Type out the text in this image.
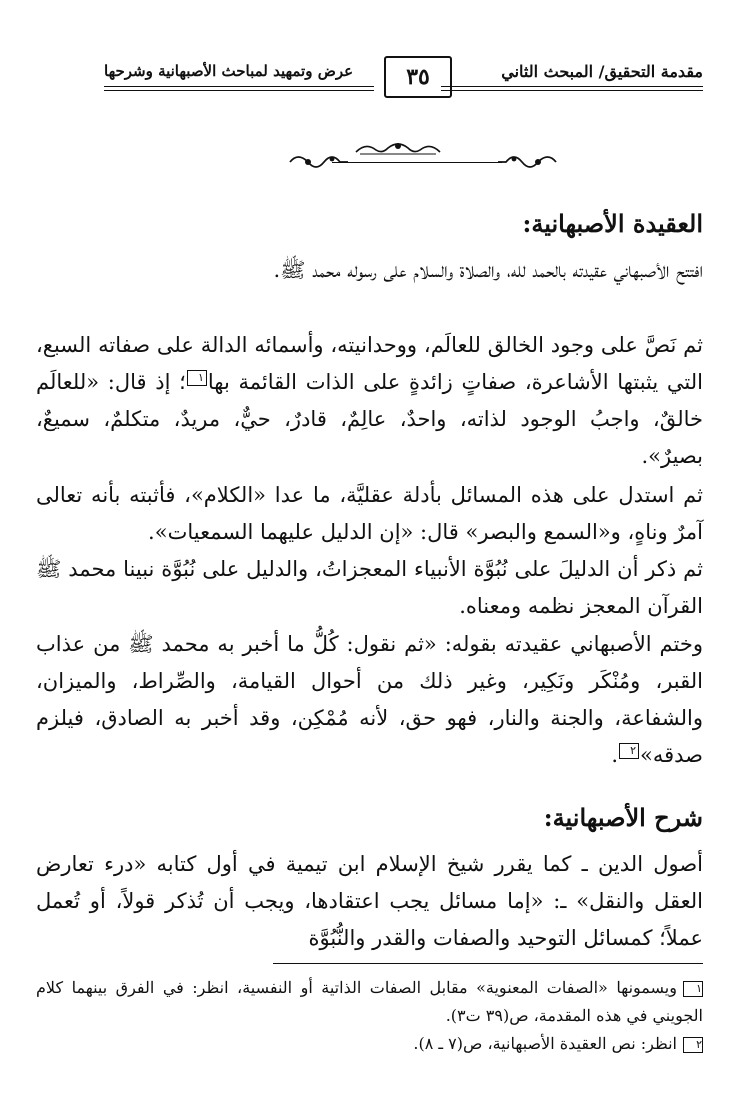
مقدمة التحقيق/ المبحث الثاني
٣٥
عرض وتمهيد لمباحث الأصبهانية وشرحها
العقيدة الأصبهانية:

افتتح الأصبهاني عقيدته بالحمد لله، والصلاة والسلام على رسوله محمد ﷺ.

ثم نَصَّ على وجود الخالق للعالَم، ووحدانيته، وأسمائه الدالة على صفاته السبع، التي يثبتها الأشاعرة، صفاتٍ زائدةٍ على الذات القائمة بها١؛ إذ قال: «للعالَم خالقٌ، واجبُ الوجود لذاته، واحدٌ، عالِمٌ، قادرٌ، حيٌّ، مريدٌ، متكلمٌ، سميعٌ، بصيرٌ».

ثم استدل على هذه المسائل بأدلة عقليَّة، ما عدا «الكلام»، فأثبته بأنه تعالى آمرٌ وناهٍ، و«السمع والبصر» قال: «إن الدليل عليهما السمعيات».

ثم ذكر أن الدليلَ على نُبُوَّة الأنبياء المعجزاتُ، والدليل على نُبُوَّة نبينا محمد ﷺ القرآن المعجز نظمه ومعناه.

وختم الأصبهاني عقيدته بقوله: «ثم نقول: كُلُّ ما أخبر به محمد ﷺ من عذاب القبر، ومُنْكَر ونَكِير، وغير ذلك من أحوال القيامة، والصِّراط، والميزان، والشفاعة، والجنة والنار، فهو حق، لأنه مُمْكِن، وقد أخبر به الصادق، فيلزم صدقه»٢.

شرح الأصبهانية:

أصول الدين ـ كما يقرر شيخ الإسلام ابن تيمية في أول كتابه «درء تعارض العقل والنقل» ـ: «إما مسائل يجب اعتقادها، ويجب أن تُذكر قولاً، أو تُعمل عملاً؛ كمسائل التوحيد والصفات والقدر والنُّبُوَّة

١ويسمونها «الصفات المعنوية» مقابل الصفات الذاتية أو النفسية، انظر: في الفرق بينهما كلام الجويني في هذه المقدمة، ص(٣٩ ت٣).

٢انظر: نص العقيدة الأصبهانية، ص(٧ ـ ٨).
